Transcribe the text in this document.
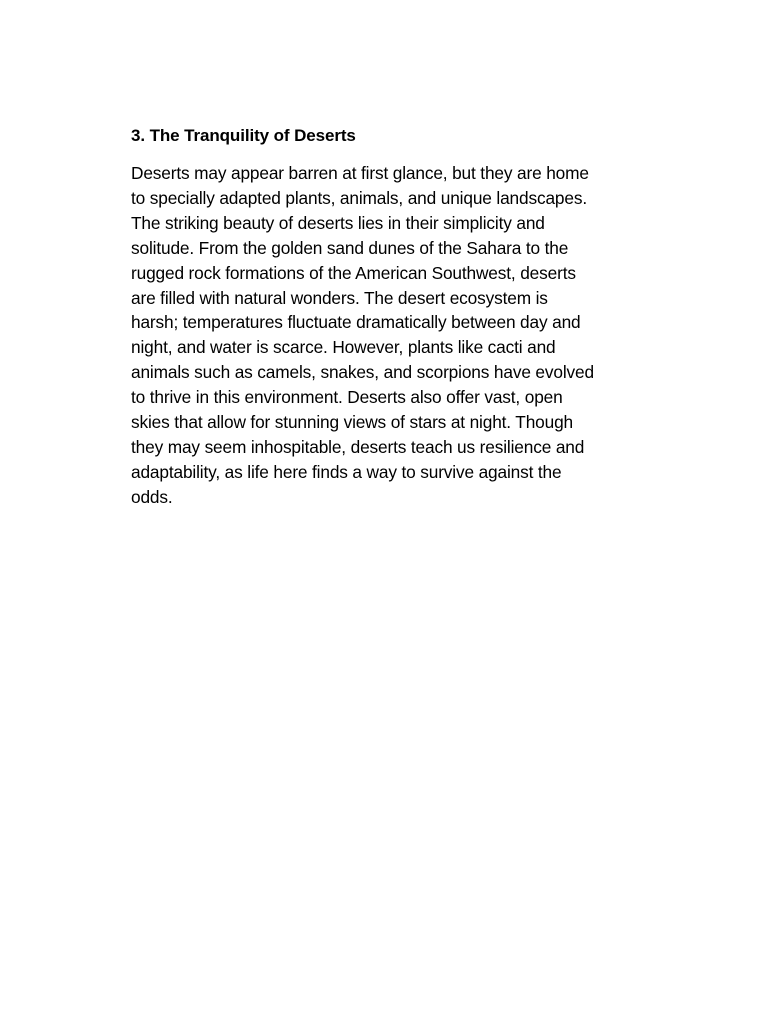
3. The Tranquility of Deserts

Deserts may appear barren at first glance, but they are home
to specially adapted plants, animals, and unique landscapes.
The striking beauty of deserts lies in their simplicity and
solitude. From the golden sand dunes of the Sahara to the
rugged rock formations of the American Southwest, deserts
are filled with natural wonders. The desert ecosystem is
harsh; temperatures fluctuate dramatically between day and
night, and water is scarce. However, plants like cacti and
animals such as camels, snakes, and scorpions have evolved
to thrive in this environment. Deserts also offer vast, open
skies that allow for stunning views of stars at night. Though
they may seem inhospitable, deserts teach us resilience and
adaptability, as life here finds a way to survive against the
odds.
